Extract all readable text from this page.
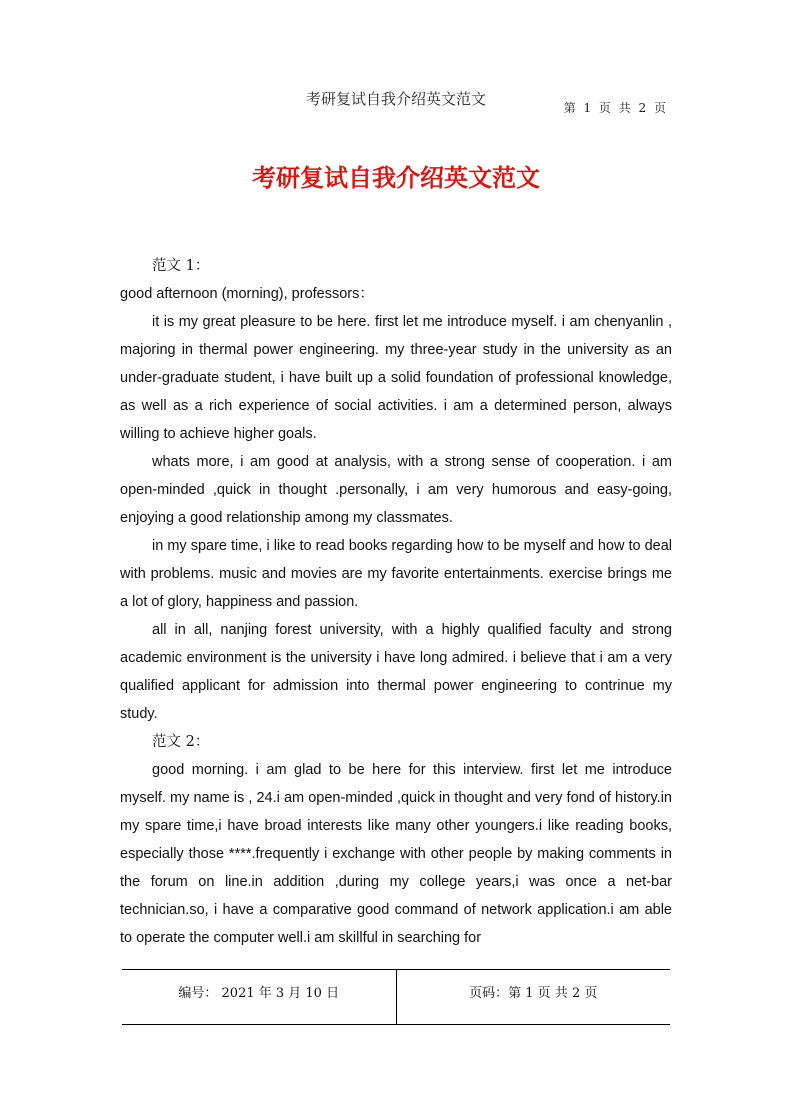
考研复试自我介绍英文范文	第 1 页 共 2 页
考研复试自我介绍英文范文

范文 1：

good afternoon (morning), professors：

it is my great pleasure to be here. first let me introduce myself. i am chenyanlin , majoring in thermal power engineering. my three-year study in the university as an under-graduate student, i have built up a solid foundation of professional knowledge, as well as a rich experience of social activities. i am a determined person, always willing to achieve higher goals.

whats more, i am good at analysis, with a strong sense of cooperation. i am open-minded ,quick in thought .personally, i am very humorous and easy-going, enjoying a good relationship among my classmates.

in my spare time, i like to read books regarding how to be myself and how to deal with problems. music and movies are my favorite entertainments. exercise brings me a lot of glory, happiness and passion.

all in all, nanjing forest university, with a highly qualified faculty and strong academic environment is the university i have long admired. i believe that i am a very qualified applicant for admission into thermal power engineering to contrinue my study.

范文 2：

good morning. i am glad to be here for this interview. first let me introduce myself. my name is , 24.i am open-minded ,quick in thought and very fond of history.in my spare time,i have broad interests like many other youngers.i like reading books, especially those ****.frequently i exchange with other people by making comments in the forum on line.in addition ,during my college years,i was once a net-bar technician.so, i have a comparative good command of network application.i am able to operate the computer well.i am skillful in searching for

编号： 2021 年 3 月 10 日	页码：第 1 页 共 2 页
